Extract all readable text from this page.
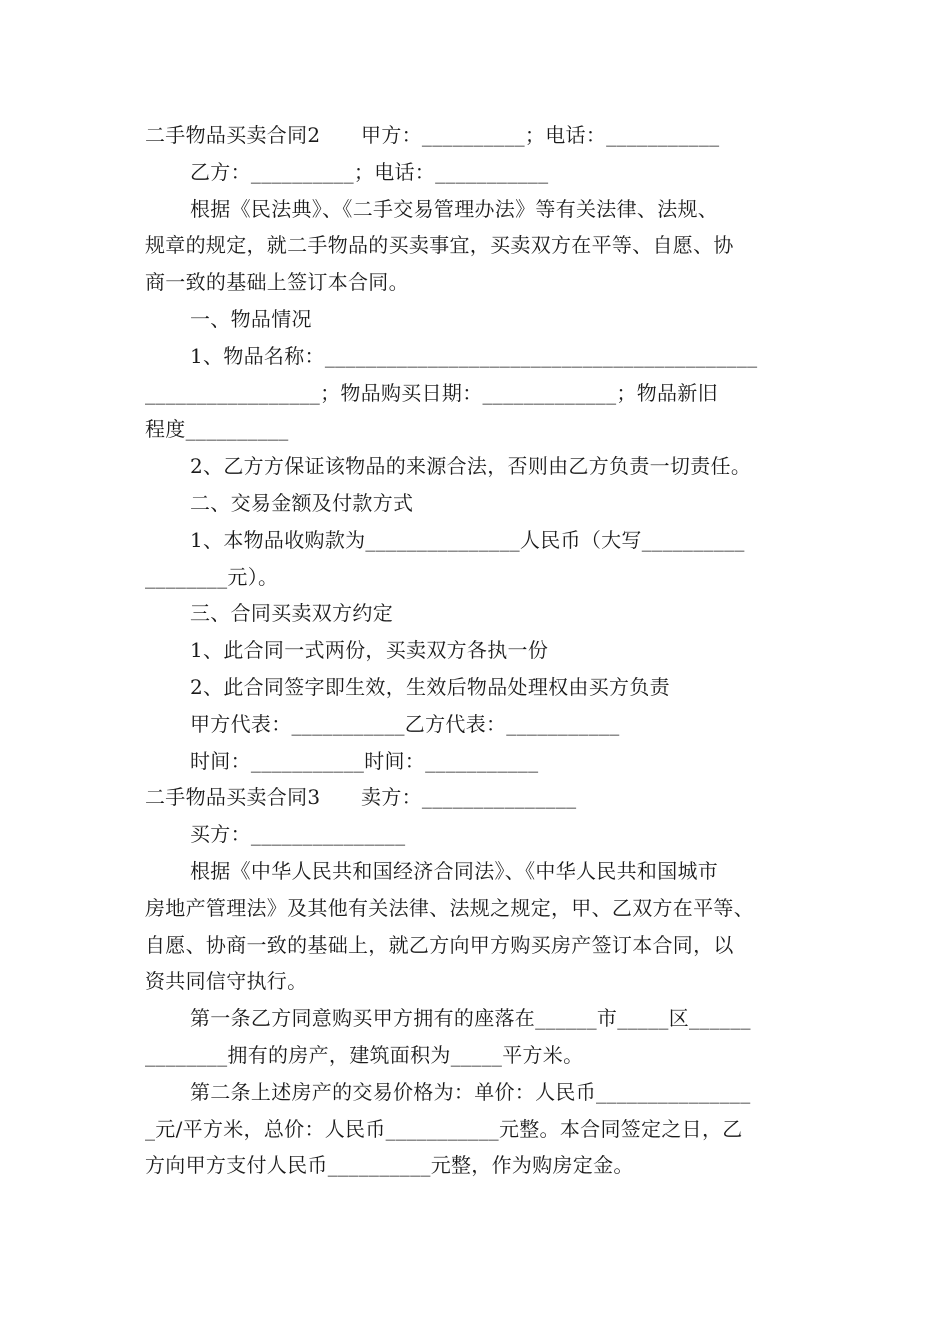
二手物品买卖合同2　　甲方：__________；电话：___________
乙方：__________；电话：___________
根据《民法典》、《二手交易管理办法》等有关法律、法规、
规章的规定，就二手物品的买卖事宜，买卖双方在平等、自愿、协
商一致的基础上签订本合同。
一、物品情况
1、物品名称：__________________________________________
_________________；物品购买日期：_____________；物品新旧
程度__________
2、乙方方保证该物品的来源合法，否则由乙方负责一切责任。
二、交易金额及付款方式
1、本物品收购款为_______________人民币（大写__________
________元）。
三、合同买卖双方约定
1、此合同一式两份，买卖双方各执一份
2、此合同签字即生效，生效后物品处理权由买方负责
甲方代表：___________乙方代表：___________
时间：___________时间：___________
二手物品买卖合同3　　卖方：_______________
买方：_______________
根据《中华人民共和国经济合同法》、《中华人民共和国城市
房地产管理法》及其他有关法律、法规之规定，甲、乙双方在平等、
自愿、协商一致的基础上，就乙方向甲方购买房产签订本合同，以
资共同信守执行。
第一条乙方同意购买甲方拥有的座落在______市_____区______
________拥有的房产，建筑面积为_____平方米。
第二条上述房产的交易价格为：单价：人民币_______________
_元/平方米，总价：人民币___________元整。本合同签定之日，乙
方向甲方支付人民币__________元整，作为购房定金。
